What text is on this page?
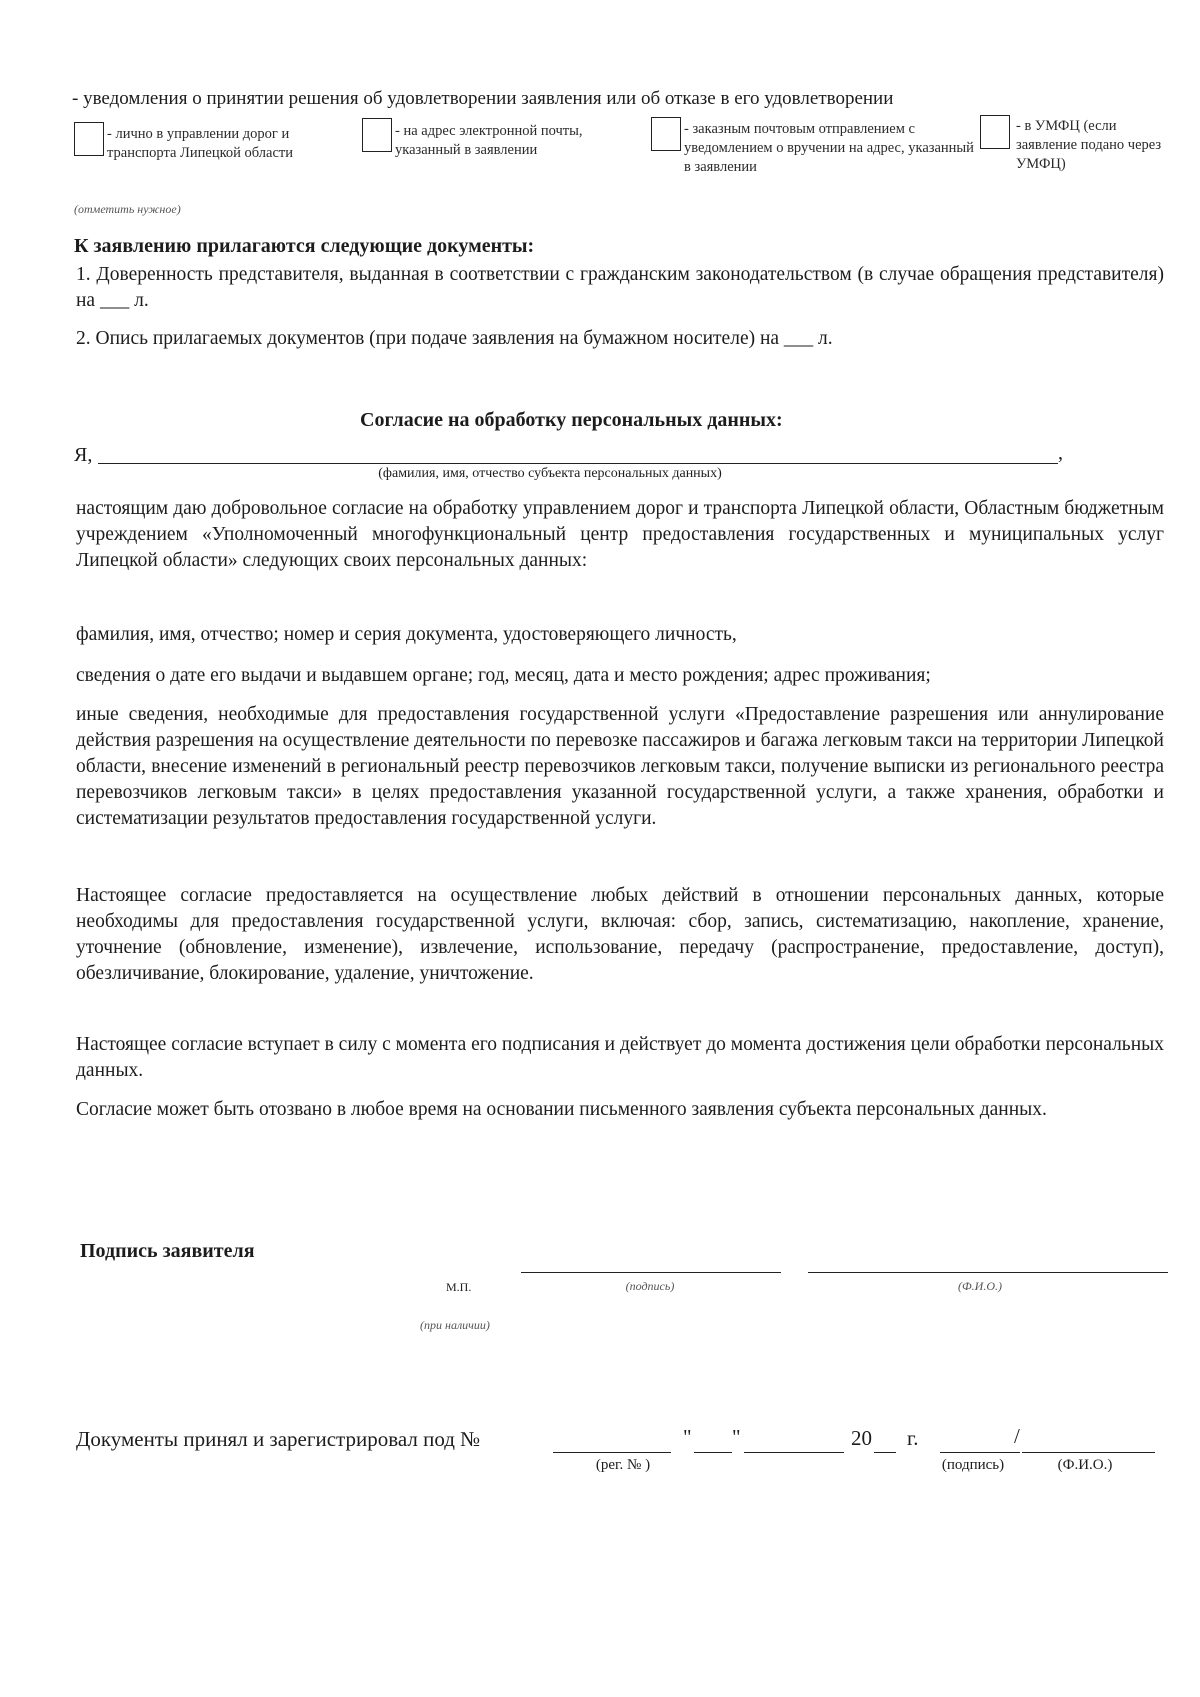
- уведомления о принятии решения об удовлетворении заявления или об отказе в его удовлетворении
- лично в управлении дорог и транспорта Липецкой области
- на адрес электронной почты, указанный в заявлении
- заказным почтовым отправлением с уведомлением о вручении на адрес, указанный в заявлении
- в УМФЦ (если заявление подано через УМФЦ)
(отметить нужное)
К заявлению прилагаются следующие документы:
1. Доверенность представителя, выданная в соответствии с гражданским законодательством (в случае обращения представителя) на ___ л.
2. Опись прилагаемых документов (при подаче заявления на бумажном носителе) на ___ л.
Согласие на обработку персональных данных:
Я,	,
(фамилия, имя, отчество субъекта персональных данных)
настоящим даю добровольное согласие на обработку управлением дорог и транспорта Липецкой области, Областным бюджетным учреждением «Уполномоченный многофункциональный центр предоставления государственных и муниципальных услуг Липецкой области» следующих своих персональных данных:
фамилия, имя, отчество; номер и серия документа, удостоверяющего личность,
сведения о дате его выдачи и выдавшем органе; год, месяц, дата и место рождения; адрес проживания;
иные сведения, необходимые для предоставления государственной услуги «Предоставление разрешения или аннулирование действия разрешения на осуществление деятельности по перевозке пассажиров и багажа легковым такси на территории Липецкой области, внесение изменений в региональный реестр перевозчиков легковым такси, получение выписки из регионального реестра перевозчиков легковым такси» в целях предоставления указанной государственной услуги, а также хранения, обработки и систематизации результатов предоставления государственной услуги.
Настоящее согласие предоставляется на осуществление любых действий в отношении персональных данных, которые необходимы для предоставления государственной услуги, включая: сбор, запись, систематизацию, накопление, хранение, уточнение (обновление, изменение), извлечение, использование, передачу (распространение, предоставление, доступ), обезличивание, блокирование, удаление, уничтожение.
Настоящее согласие вступает в силу с момента его подписания и действует до момента достижения цели обработки персональных данных.
Согласие может быть отозвано в любое время на основании письменного заявления субъекта персональных данных.
Подпись заявителя
М.П.	(подпись)	(Ф.И.О.)
(при наличии)
Документы принял и зарегистрировал под №
(рег. № )
" "	20 г.	/
(подпись)	(Ф.И.О.)
